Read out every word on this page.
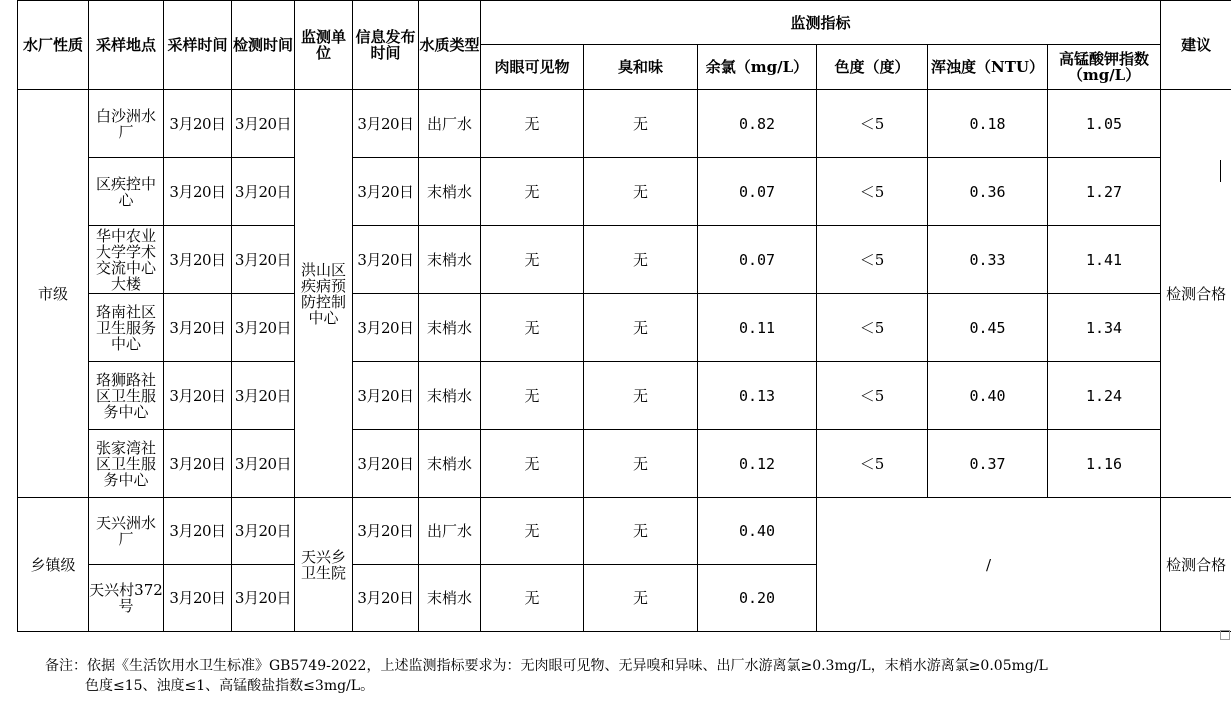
水厂性质	采样地点	采样时间	检测时间	监测单位	信息发布时间	水质类型	监测指标						建议
							肉眼可见物	臭和味	余氯（mg/L）	色度（度）	浑浊度（NTU）	高锰酸钾指数（mg/L）	
市级	白沙洲水厂	3月20日	3月20日	洪山区疾病预防控制中心	3月20日	出厂水	无	无	0.82	＜5	0.18	1.05	检测合格
	区疾控中心	3月20日	3月20日		3月20日	末梢水	无	无	0.07	＜5	0.36	1.27	
	华中农业大学学术交流中心大楼	3月20日	3月20日		3月20日	末梢水	无	无	0.07	＜5	0.33	1.41	
	珞南社区卫生服务中心	3月20日	3月20日		3月20日	末梢水	无	无	0.11	＜5	0.45	1.34	
	珞狮路社区卫生服务中心	3月20日	3月20日		3月20日	末梢水	无	无	0.13	＜5	0.40	1.24	
	张家湾社区卫生服务中心	3月20日	3月20日		3月20日	末梢水	无	无	0.12	＜5	0.37	1.16	
乡镇级	天兴洲水厂	3月20日	3月20日	天兴乡卫生院	3月20日	出厂水	无	无	0.40	/			检测合格
	天兴村372号	3月20日	3月20日		3月20日	末梢水	无	无	0.20				
备注：依据《生活饮用水卫生标准》GB5749-2022，上述监测指标要求为：无肉眼可见物、无异嗅和异味、出厂水游离氯≥0.3mg/L，末梢水游离氯≥0.05mg/L
色度≤15、浊度≤1、高锰酸盐指数≤3mg/L。
